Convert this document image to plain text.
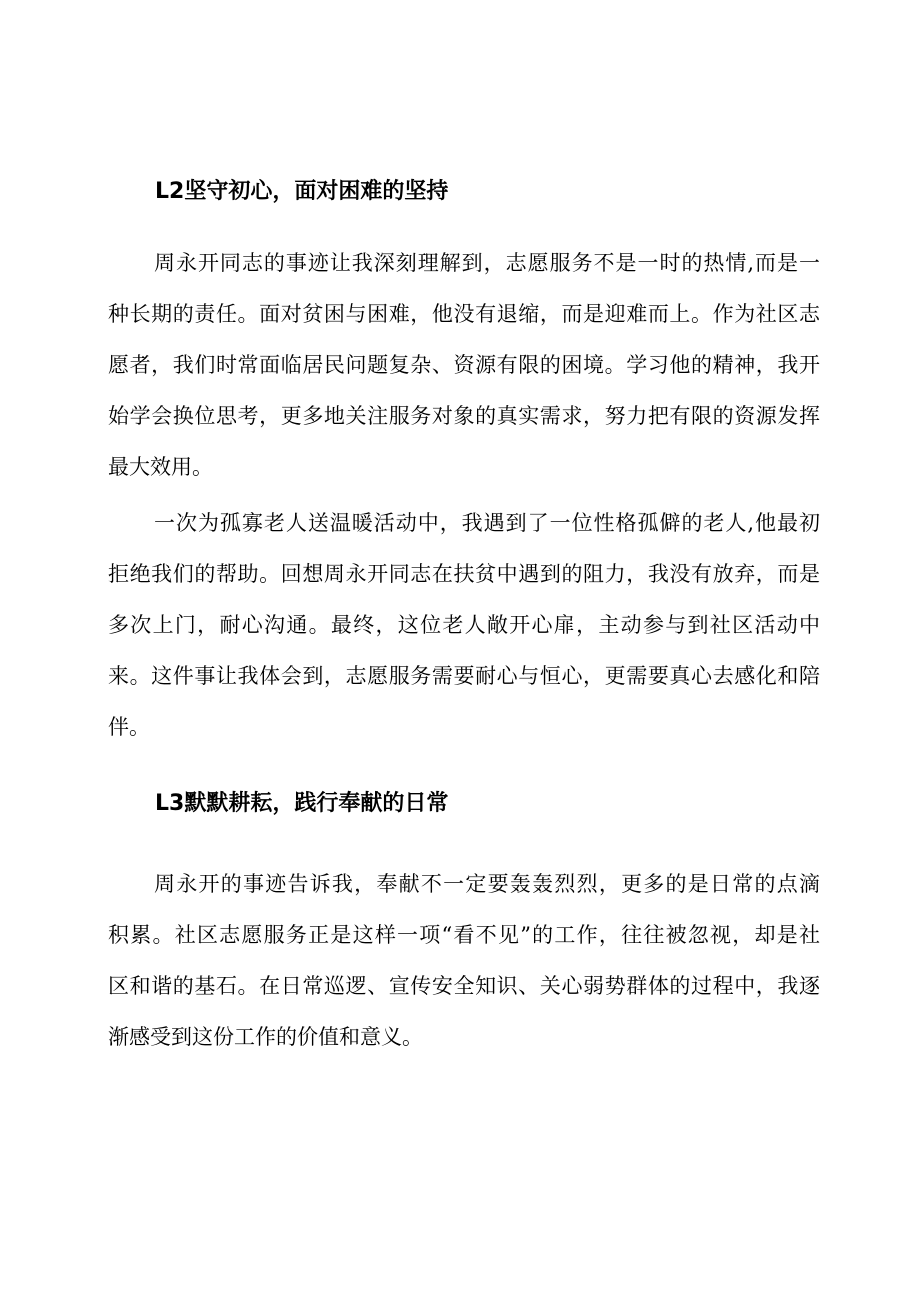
L2坚守初心，面对困难的坚持
周永开同志的事迹让我深刻理解到，志愿服务不是一时的热情,而是一
种长期的责任。面对贫困与困难，他没有退缩，而是迎难而上。作为社区志
愿者，我们时常面临居民问题复杂、资源有限的困境。学习他的精神，我开
始学会换位思考，更多地关注服务对象的真实需求，努力把有限的资源发挥
最大效用。
一次为孤寡老人送温暖活动中，我遇到了一位性格孤僻的老人,他最初
拒绝我们的帮助。回想周永开同志在扶贫中遇到的阻力，我没有放弃，而是
多次上门，耐心沟通。最终，这位老人敞开心扉，主动参与到社区活动中
来。这件事让我体会到，志愿服务需要耐心与恒心，更需要真心去感化和陪
伴。
L3默默耕耘，践行奉献的日常
周永开的事迹告诉我，奉献不一定要轰轰烈烈，更多的是日常的点滴
积累。社区志愿服务正是这样一项“看不见”的工作，往往被忽视，却是社
区和谐的基石。在日常巡逻、宣传安全知识、关心弱势群体的过程中，我逐
渐感受到这份工作的价值和意义。
